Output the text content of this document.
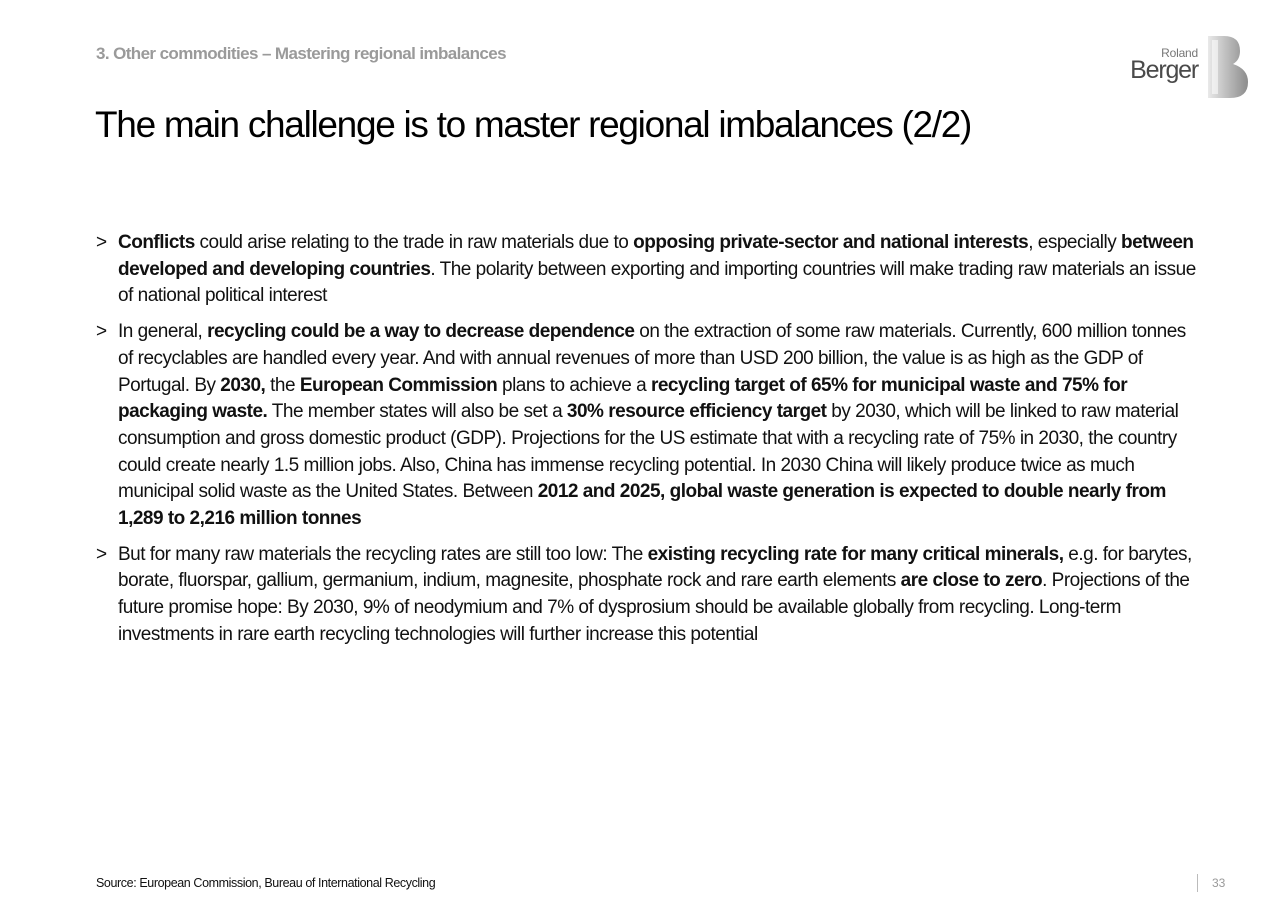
3. Other commodities – Mastering regional imbalances	Roland
Berger
The main challenge is to master regional imbalances (2/2)
> Conflicts could arise relating to the trade in raw materials due to opposing private-sector and national interests, especially between developed and developing countries. The polarity between exporting and importing countries will make trading raw materials an issue of national political interest
> In general, recycling could be a way to decrease dependence on the extraction of some raw materials. Currently, 600 million tonnes of recyclables are handled every year. And with annual revenues of more than USD 200 billion, the value is as high as the GDP of Portugal. By 2030, the European Commission plans to achieve a recycling target of 65% for municipal waste and 75% for packaging waste. The member states will also be set a 30% resource efficiency target by 2030, which will be linked to raw material consumption and gross domestic product (GDP). Projections for the US estimate that with a recycling rate of 75% in 2030, the country could create nearly 1.5 million jobs. Also, China has immense recycling potential. In 2030 China will likely produce twice as much municipal solid waste as the United States. Between 2012 and 2025, global waste generation is expected to double nearly from 1,289 to 2,216 million tonnes
> But for many raw materials the recycling rates are still too low: The existing recycling rate for many critical minerals, e.g. for barytes, borate, fluorspar, gallium, germanium, indium, magnesite, phosphate rock and rare earth elements are close to zero. Projections of the future promise hope: By 2030, 9% of neodymium and 7% of dysprosium should be available globally from recycling. Long-term investments in rare earth recycling technologies will further increase this potential
Source: European Commission, Bureau of International Recycling	33
